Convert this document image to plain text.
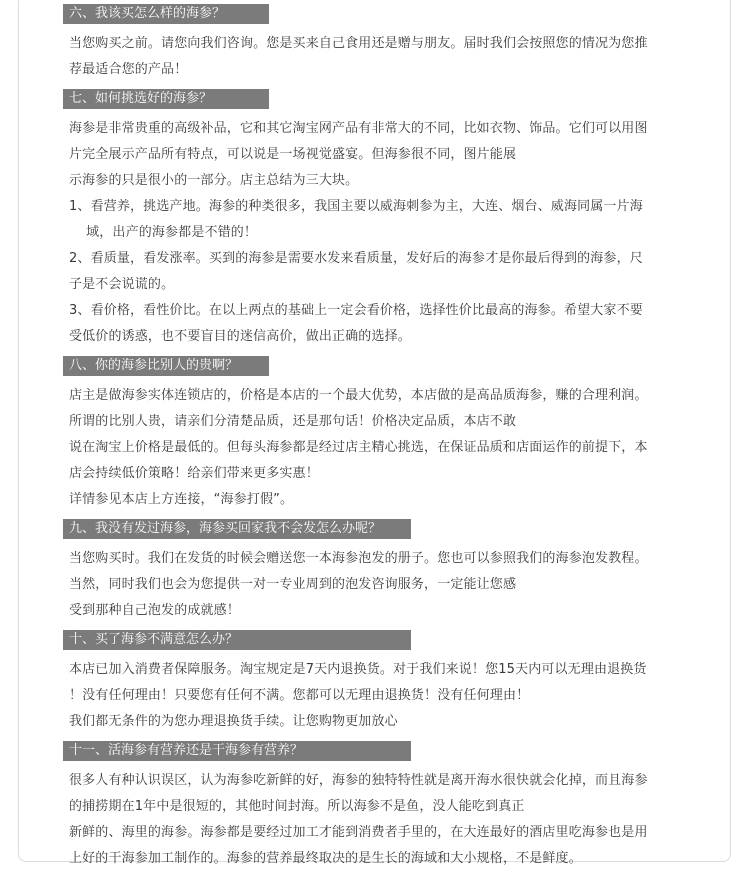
六、我该买怎么样的海参？

当您购买之前。请您向我们咨询。您是买来自己食用还是赠与朋友。届时我们会按照您的情况为您推

荐最适合您的产品！

七、如何挑选好的海参？

海参是非常贵重的高级补品，它和其它淘宝网产品有非常大的不同，比如衣物、饰品。它们可以用图

片完全展示产品所有特点，可以说是一场视觉盛宴。但海参很不同，图片能展

示海参的只是很小的一部分。店主总结为三大块。

1、看营养，挑选产地。海参的种类很多，我国主要以威海刺参为主，大连、烟台、威海同属一片海

域，出产的海参都是不错的！

2、看质量，看发涨率。买到的海参是需要水发来看质量，发好后的海参才是你最后得到的海参，尺

子是不会说谎的。

3、看价格，看性价比。在以上两点的基础上一定会看价格，选择性价比最高的海参。希望大家不要

受低价的诱惑，也不要盲目的迷信高价，做出正确的选择。

八、你的海参比别人的贵啊？

店主是做海参实体连锁店的，价格是本店的一个最大优势，本店做的是高品质海参，赚的合理利润。

所谓的比别人贵，请亲们分清楚品质，还是那句话！价格决定品质，本店不敢

说在淘宝上价格是最低的。但每头海参都是经过店主精心挑选，在保证品质和店面运作的前提下，本

店会持续低价策略！给亲们带来更多实惠！

详情参见本店上方连接，“海参打假”。

九、我没有发过海参，海参买回家我不会发怎么办呢？

当您购买时。我们在发货的时候会赠送您一本海参泡发的册子。您也可以参照我们的海参泡发教程。

当然，同时我们也会为您提供一对一专业周到的泡发咨询服务，一定能让您感

受到那种自己泡发的成就感！

十、买了海参不满意怎么办？

本店已加入消费者保障服务。淘宝规定是7天内退换货。对于我们来说！您15天内可以无理由退换货

！没有任何理由！只要您有任何不满。您都可以无理由退换货！没有任何理由！

我们都无条件的为您办理退换货手续。让您购物更加放心

十一、活海参有营养还是干海参有营养？

很多人有种认识误区，认为海参吃新鲜的好，海参的独特特性就是离开海水很快就会化掉，而且海参

的捕捞期在1年中是很短的，其他时间封海。所以海参不是鱼，没人能吃到真正

新鲜的、海里的海参。海参都是要经过加工才能到消费者手里的，在大连最好的酒店里吃海参也是用

上好的干海参加工制作的。海参的营养最终取决的是生长的海域和大小规格，不是鲜度。
